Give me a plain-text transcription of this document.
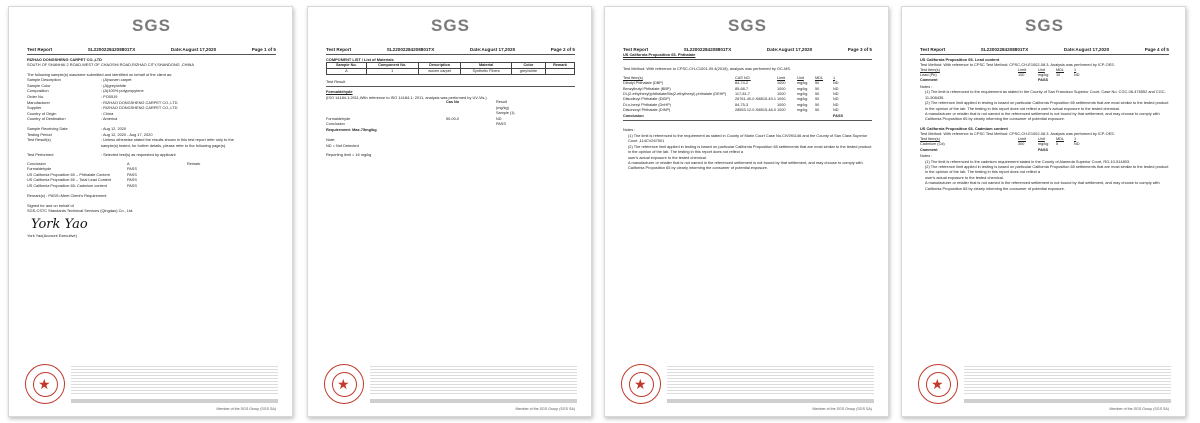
SGS
Test Report	SL22002284208801TX	Date:August 17,2020	Page 1 of 5
RIZHAO DONGSHENG CARPET CO.,LTD
SOUTH OF SHANHAI 2 ROAD,WEST OF CHAOSHI ROAD,RIZHAO CITY,SHANDONG ,CHINA
The following sample(s) was/were submitted and identified on behalf of the client as:
Sample Description	: (A)woven carpet
Sample Color	: (A)grey/white
Composition	: (A)100% polypropylene
Order No.	: PO0519
Manufacturer	: RIZHAO DONGSHENG CARPET CO.,LTD
Supplier	: RIZHAO DONGSHENG CARPET CO.,LTD
Country of Origin	: China
Country of Destination	: America
Sample Receiving Date	: Aug 12, 2020
Testing Period	: Aug 12, 2020 - Aug 17, 2020
Test Result(s)	: Unless otherwise stated the results shown in this test report refer only to the
sample(s) tested, for further details, please refer to the following page(s).
Test Performed	: Selected test(s) as requested by applicant
Conclusion	A	Remark
Formaldehyde	PASS
US California Proposition 65 -- Phthalate Content	PASS
US California Proposition 65 -- Total Lead Content	PASS
US California Proposition 65- Cadmium content	PASS
Remark(s) : PASS=Meet Client's Requirement
Signed for and on behalf of
SGS-CSTC Standards Technical Services (Qingdao) Co., Ltd.
York Yao
York Yao(Account Executive)
★
Member of the SGS Group (SGS SA)
SGS
Test Report	SL22002284208801TX	Date:August 17,2020	Page 2 of 5
COMPONENT LIST / List of Materials
Sample No.	Component No.	Description	Material	Color	Remark
A	1	woven carpet	Synthetic Fibers	grey/white	
Test Result
Formaldehyde
(ISO 14184-1:2011,With reference to ISO 14184-1: 2011, analysis was performed by UV-Vis.)
Cas No	Result
(mg/kg)
Sample (1)
Formaldehyde	50-00-0	ND
Conclusion	PASS
Requirement: Max.75mg/kg
Note:
ND = Not Detected
Reporting limit = 16 mg/kg
★
Member of the SGS Group (SGS SA)
SGS
Test Report	SL22002284208801TX	Date:August 17,2020	Page 3 of 5
US California Proposition 65- Phthalate
Test Method: With reference to CPSC-CH-C1001-09.4(2018), analysis was performed by GC-MS.
Test Item(s)	CAS NO.	Limit	Unit	MDL	1
Dibutyl Phthalate (DBP)	84-74-2	1000	mg/kg	50	ND
Benzylbutyl Phthalate (BBP)	85-68-7	1000	mg/kg	50	ND
Di-(2-ethylhexyl)phthalate/Bis(2-ethylhexyl) phthalate (DEHP)	117-81-7	1000	mg/kg	50	ND
Diisodecyl Phthalate (DIDP)	26761-40-0 /68515-49-1 1000	mg/kg	50	ND
Di-n-hexyl Phthalate (DnHP)	84-75-3	1000	mg/kg	50	ND
Diisononyl Phthalate (DINP)	28553-12-0 /68515-48-0 1000	mg/kg	50	ND
Conclusion	PASS
Notes :
(1) The limit is referenced to the requirement as stated in County of Marin Court Case No.CIV091146 and the County of San Clara Superior Court ,114CV267501
(2) The reference limit applied in testing is based on particular California Proposition 65 settlements that are most similar to the tested product in the opinion of the lab. The testing in this report does not reflect a
user's actual exposure to the tested chemical.
A manufacturer or retailer that is not named in the referenced settlement is not bound by that settlement, and may choose to comply with California Proposition 65 by clearly informing the consumer of potential exposure.
★
Member of the SGS Group (SGS SA)
SGS
Test Report	SL22002284208801TX	Date:August 17,2020	Page 4 of 5
US California Proposition 65- Lead content
Test Method: With reference to CPSC Test Method: CPSC-CH-E1002-08.3. Analysis was performed by ICP-OES.
Test Item(s)	Limit	Unit	MDL	1
Lead (Pb)	100	mg/kg	10	ND
Comment	PASS
Notes :
(1) The limit is referenced to the requirement as stated in the County of San Francisco Superior Court, Case No. CGC-08-476552 and CGC-11-508435.
(2) The reference limit applied in testing is based on particular California Proposition 65 settlements that are most similar to the tested product in the opinion of the lab. The testing in this report does not reflect a user's actual exposure to the tested chemical.
A manufacturer or retailer that is not named in the referenced settlement is not bound by that settlement, and may choose to comply with California Proposition 65 by clearly informing the consumer of potential exposure.
US California Proposition 65- Cadmium content
Test Method: With reference to CPSC Test Method: CPSC-CH-E1002-08.3. Analysis was performed by ICP-OES.
Test Item(s)	Limit	Unit	MDL	1
Cadmium (Cd)	300	mg/kg	5	ND
Comment	PASS
Notes :
(1) The limit is referenced to the cadmium requirement stated in the County of Alameda Superior Court, RG-10-514803.
(2) The reference limit applied in testing is based on particular California Proposition 65 settlements that are most similar to the tested product in the opinion of the lab. The testing in this report does not reflect a
user's actual exposure to the tested chemical.
A manufacturer or retailer that is not named in the referenced settlement is not bound by that settlement, and may choose to comply with California Proposition 65 by clearly informing the consumer of potential exposure.
★
Member of the SGS Group (SGS SA)
